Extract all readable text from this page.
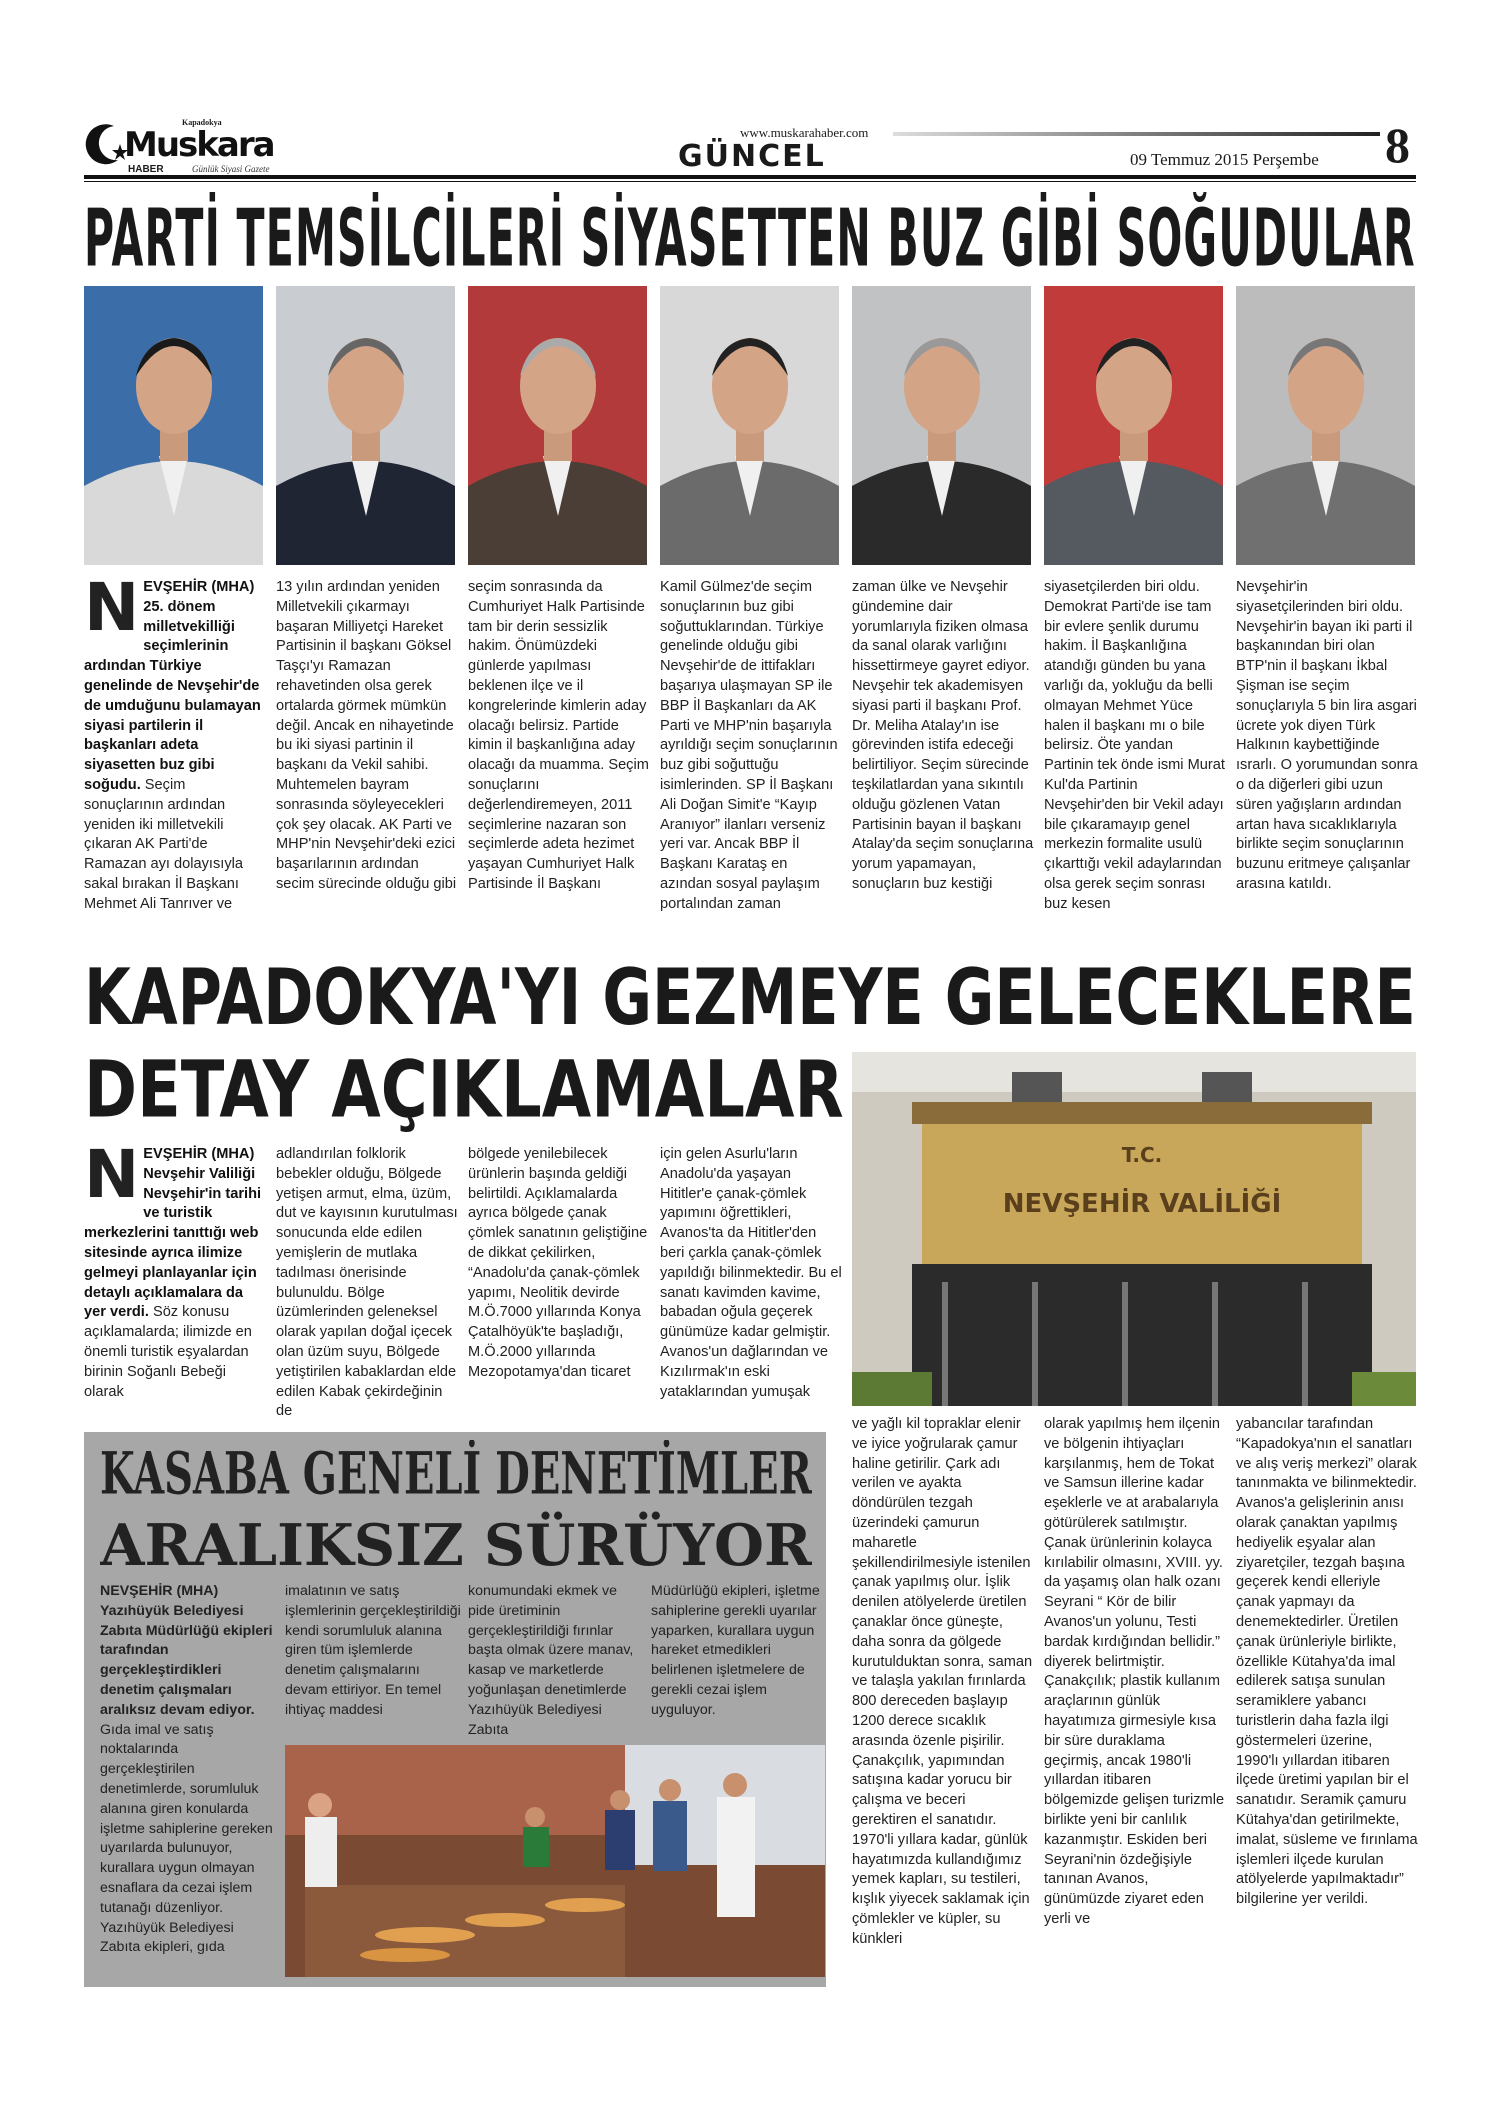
Kapadokya
Muskara
HABER	Günlük Siyasi Gazete	GÜNCEL
www.muskarahaber.com
09 Temmuz 2015 Perşembe 8
PARTİ TEMSİLCİLERİ SİYASETTEN BUZ GİBİ SOĞUDULAR
NEVŞEHİR (MHA) 25. dönem milletvekilliği seçimlerinin ardından Türkiye genelinde de Nevşehir'de de umduğunu bulamayan siyasi partilerin il başkanları adeta siyasetten buz gibi soğudu. Seçim sonuçlarının ardından yeniden iki milletvekili çıkaran AK Parti'de Ramazan ayı dolayısıyla sakal bırakan İl Başkanı Mehmet Ali Tanrıver ve
13 yılın ardından yeniden Milletvekili çıkarmayı başaran Milliyetçi Hareket Partisinin il başkanı Göksel Taşçı'yı Ramazan rehavetinden olsa gerek ortalarda görmek mümkün değil. Ancak en nihayetinde bu iki siyasi partinin il başkanı da Vekil sahibi. Muhtemelen bayram sonrasında söyleyecekleri çok şey olacak. AK Parti ve MHP'nin Nevşehir'deki ezici başarılarının ardından secim sürecinde olduğu gibi
seçim sonrasında da Cumhuriyet Halk Partisinde tam bir derin sessizlik hakim. Önümüzdeki günlerde yapılması beklenen ilçe ve il kongrelerinde kimlerin aday olacağı belirsiz. Partide kimin il başkanlığına aday olacağı da muamma. Seçim sonuçlarını değerlendiremeyen, 2011 seçimlerine nazaran son seçimlerde adeta hezimet yaşayan Cumhuriyet Halk Partisinde İl Başkanı
Kamil Gülmez'de seçim sonuçlarının buz gibi soğuttuklarından. Türkiye genelinde olduğu gibi Nevşehir'de de ittifakları başarıya ulaşmayan SP ile BBP İl Başkanları da AK Parti ve MHP'nin başarıyla ayrıldığı seçim sonuçlarının buz gibi soğuttuğu isimlerinden. SP İl Başkanı Ali Doğan Simit'e “Kayıp Aranıyor” ilanları verseniz yeri var. Ancak BBP İl Başkanı Karataş en azından sosyal paylaşım portalından zaman
zaman ülke ve Nevşehir gündemine dair yorumlarıyla fiziken olmasa da sanal olarak varlığını hissettirmeye gayret ediyor. Nevşehir tek akademisyen siyasi parti il başkanı Prof. Dr. Meliha Atalay'ın ise görevinden istifa edeceği belirtiliyor. Seçim sürecinde teşkilatlardan yana sıkıntılı olduğu gözlenen Vatan Partisinin bayan il başkanı Atalay'da seçim sonuçlarına yorum yapamayan, sonuçların buz kestiği
siyasetçilerden biri oldu. Demokrat Parti'de ise tam bir evlere şenlik durumu hakim. İl Başkanlığına atandığı günden bu yana varlığı da, yokluğu da belli olmayan Mehmet Yüce halen il başkanı mı o bile belirsiz. Öte yandan Partinin tek önde ismi Murat Kul'da Partinin Nevşehir'den bir Vekil adayı bile çıkaramayıp genel merkezin formalite usulü çıkarttığı vekil adaylarından olsa gerek seçim sonrası buz kesen
Nevşehir'in siyasetçilerinden biri oldu. Nevşehir'in bayan iki parti il başkanından biri olan BTP'nin il başkanı İkbal Şişman ise seçim sonuçlarıyla 5 bin lira asgari ücrete yok diyen Türk Halkının kaybettiğinde ısrarlı. O yorumundan sonra o da diğerleri gibi uzun süren yağışların ardından artan hava sıcaklıklarıyla birlikte seçim sonuçlarının buzunu eritmeye çalışanlar arasına katıldı.
KAPADOKYA'YI GEZMEYE GELECEKLERE
DETAY AÇIKLAMALAR
T.C.
NEVŞEHİR VALİLİĞİ
NEVŞEHİR (MHA) Nevşehir Valiliği Nevşehir'in tarihi ve turistik merkezlerini tanıttığı web sitesinde ayrıca ilimize gelmeyi planlayanlar için detaylı açıklamalara da yer verdi. Söz konusu açıklamalarda; ilimizde en önemli turistik eşyalardan birinin Soğanlı Bebeği olarak
adlandırılan folklorik bebekler olduğu, Bölgede yetişen armut, elma, üzüm, dut ve kayısının kurutulması sonucunda elde edilen yemişlerin de mutlaka tadılması önerisinde bulunuldu. Bölge üzümlerinden geleneksel olarak yapılan doğal içecek olan üzüm suyu, Bölgede yetiştirilen kabaklardan elde edilen Kabak çekirdeğinin de
bölgede yenilebilecek ürünlerin başında geldiği belirtildi. Açıklamalarda ayrıca bölgede çanak çömlek sanatının geliştiğine de dikkat çekilirken, “Anadolu'da çanak-çömlek yapımı, Neolitik devirde M.Ö.7000 yıllarında Konya Çatalhöyük'te başladığı, M.Ö.2000 yıllarında Mezopotamya'dan ticaret
için gelen Asurlu'ların Anadolu'da yaşayan Hititler'e çanak-çömlek yapımını öğrettikleri, Avanos'ta da Hititler'den beri çarkla çanak-çömlek yapıldığı bilinmektedir. Bu el sanatı kavimden kavime, babadan oğula geçerek günümüze kadar gelmiştir. Avanos'un dağlarından ve Kızılırmak'ın eski yataklarından yumuşak
ve yağlı kil topraklar elenir ve iyice yoğrularak çamur haline getirilir. Çark adı verilen ve ayakta döndürülen tezgah üzerindeki çamurun maharetle şekillendirilmesiyle istenilen çanak yapılmış olur. İşlik denilen atölyelerde üretilen çanaklar önce güneşte, daha sonra da gölgede kurutulduktan sonra, saman ve talaşla yakılan fırınlarda 800 dereceden başlayıp 1200 derece sıcaklık arasında özenle pişirilir. Çanakçılık, yapımından satışına kadar yorucu bir çalışma ve beceri gerektiren el sanatıdır. 1970'li yıllara kadar, günlük hayatımızda kullandığımız yemek kapları, su testileri, kışlık yiyecek saklamak için çömlekler ve küpler, su künkleri
olarak yapılmış hem ilçenin ve bölgenin ihtiyaçları karşılanmış, hem de Tokat ve Samsun illerine kadar eşeklerle ve at arabalarıyla götürülerek satılmıştır. Çanak ürünlerinin kolayca kırılabilir olmasını, XVIII. yy. da yaşamış olan halk ozanı Seyrani “ Kör de bilir Avanos'un yolunu, Testi bardak kırdığından bellidir.” diyerek belirtmiştir. Çanakçılık; plastik kullanım araçlarının günlük hayatımıza girmesiyle kısa bir süre duraklama geçirmiş, ancak 1980'li yıllardan itibaren bölgemizde gelişen turizmle birlikte yeni bir canlılık kazanmıştır. Eskiden beri Seyrani'nin özdeğişiyle tanınan Avanos, günümüzde ziyaret eden yerli ve
yabancılar tarafından “Kapadokya'nın el sanatları ve alış veriş merkezi” olarak tanınmakta ve bilinmektedir. Avanos'a gelişlerinin anısı olarak çanaktan yapılmış hediyelik eşyalar alan ziyaretçiler, tezgah başına geçerek kendi elleriyle çanak yapmayı da denemektedirler. Üretilen çanak ürünleriyle birlikte, özellikle Kütahya'da imal edilerek satışa sunulan seramiklere yabancı turistlerin daha fazla ilgi göstermeleri üzerine, 1990'lı yıllardan itibaren ilçede üretimi yapılan bir el sanatıdır. Seramik çamuru Kütahya'dan getirilmekte, imalat, süsleme ve fırınlama işlemleri ilçede kurulan atölyelerde yapılmaktadır” bilgilerine yer verildi.
KASABA GENELİ DENETİMLER
ARALIKSIZ SÜRÜYOR
NEVŞEHİR (MHA) Yazıhüyük Belediyesi Zabıta Müdürlüğü ekipleri tarafından gerçekleştirdikleri denetim çalışmaları aralıksız devam ediyor. Gıda imal ve satış noktalarında gerçekleştirilen denetimlerde, sorumluluk alanına giren konularda işletme sahiplerine gereken uyarılarda bulunuyor, kurallara uygun olmayan esnaflara da cezai işlem tutanağı düzenliyor. Yazıhüyük Belediyesi Zabıta ekipleri, gıda
imalatının ve satış işlemlerinin gerçekleştirildiği kendi sorumluluk alanına giren tüm işlemlerde denetim çalışmalarını devam ettiriyor. En temel ihtiyaç maddesi
konumundaki ekmek ve pide üretiminin gerçekleştirildiği fırınlar başta olmak üzere manav, kasap ve marketlerde yoğunlaşan denetimlerde Yazıhüyük Belediyesi Zabıta
Müdürlüğü ekipleri, işletme sahiplerine gerekli uyarılar yaparken, kurallara uygun hareket etmedikleri belirlenen işletmelere de gerekli cezai işlem uyguluyor.
